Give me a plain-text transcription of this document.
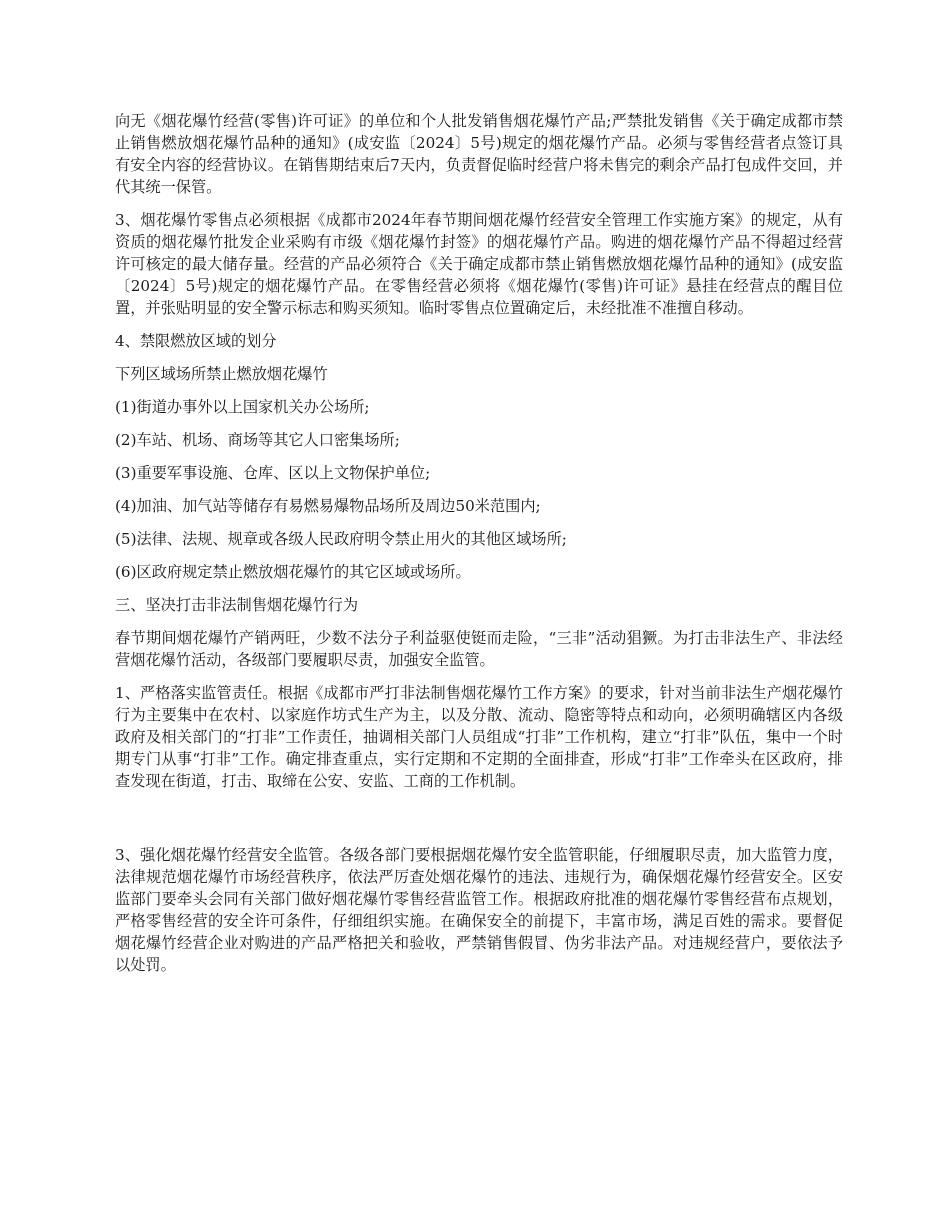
向无《烟花爆竹经营(零售)许可证》的单位和个人批发销售烟花爆竹产品;严禁批发销售《关于确定成都市禁止销售燃放烟花爆竹品种的通知》(成安监〔2024〕5号)规定的烟花爆竹产品。必须与零售经营者点签订具有安全内容的经营协议。在销售期结束后7天内，负责督促临时经营户将未售完的剩余产品打包成件交回，并代其统一保管。

3、烟花爆竹零售点必须根据《成都市2024年春节期间烟花爆竹经营安全管理工作实施方案》的规定，从有资质的烟花爆竹批发企业采购有市级《烟花爆竹封签》的烟花爆竹产品。购进的烟花爆竹产品不得超过经营许可核定的最大储存量。经营的产品必须符合《关于确定成都市禁止销售燃放烟花爆竹品种的通知》(成安监〔2024〕5号)规定的烟花爆竹产品。在零售经营必须将《烟花爆竹(零售)许可证》悬挂在经营点的醒目位置，并张贴明显的安全警示标志和购买须知。临时零售点位置确定后，未经批准不准擅自移动。

4、禁限燃放区域的划分

下列区域场所禁止燃放烟花爆竹

(1)街道办事外以上国家机关办公场所;

(2)车站、机场、商场等其它人口密集场所;

(3)重要军事设施、仓库、区以上文物保护单位;

(4)加油、加气站等储存有易燃易爆物品场所及周边50米范围内;

(5)法律、法规、规章或各级人民政府明令禁止用火的其他区域场所;

(6)区政府规定禁止燃放烟花爆竹的其它区域或场所。

三、坚决打击非法制售烟花爆竹行为

春节期间烟花爆竹产销两旺，少数不法分子利益驱使铤而走险，“三非”活动猖獗。为打击非法生产、非法经营烟花爆竹活动，各级部门要履职尽责，加强安全监管。

1、严格落实监管责任。根据《成都市严打非法制售烟花爆竹工作方案》的要求，针对当前非法生产烟花爆竹行为主要集中在农村、以家庭作坊式生产为主，以及分散、流动、隐密等特点和动向，必须明确辖区内各级政府及相关部门的“打非”工作责任，抽调相关部门人员组成“打非”工作机构，建立“打非”队伍，集中一个时期专门从事“打非”工作。确定排查重点，实行定期和不定期的全面排查，形成“打非”工作牵头在区政府，排查发现在街道，打击、取缔在公安、安监、工商的工作机制。

3、强化烟花爆竹经营安全监管。各级各部门要根据烟花爆竹安全监管职能，仔细履职尽责，加大监管力度，法律规范烟花爆竹市场经营秩序，依法严厉查处烟花爆竹的违法、违规行为，确保烟花爆竹经营安全。区安监部门要牵头会同有关部门做好烟花爆竹零售经营监管工作。根据政府批准的烟花爆竹零售经营布点规划，严格零售经营的安全许可条件，仔细组织实施。在确保安全的前提下，丰富市场，满足百姓的需求。要督促烟花爆竹经营企业对购进的产品严格把关和验收，严禁销售假冒、伪劣非法产品。对违规经营户，要依法予以处罚。
